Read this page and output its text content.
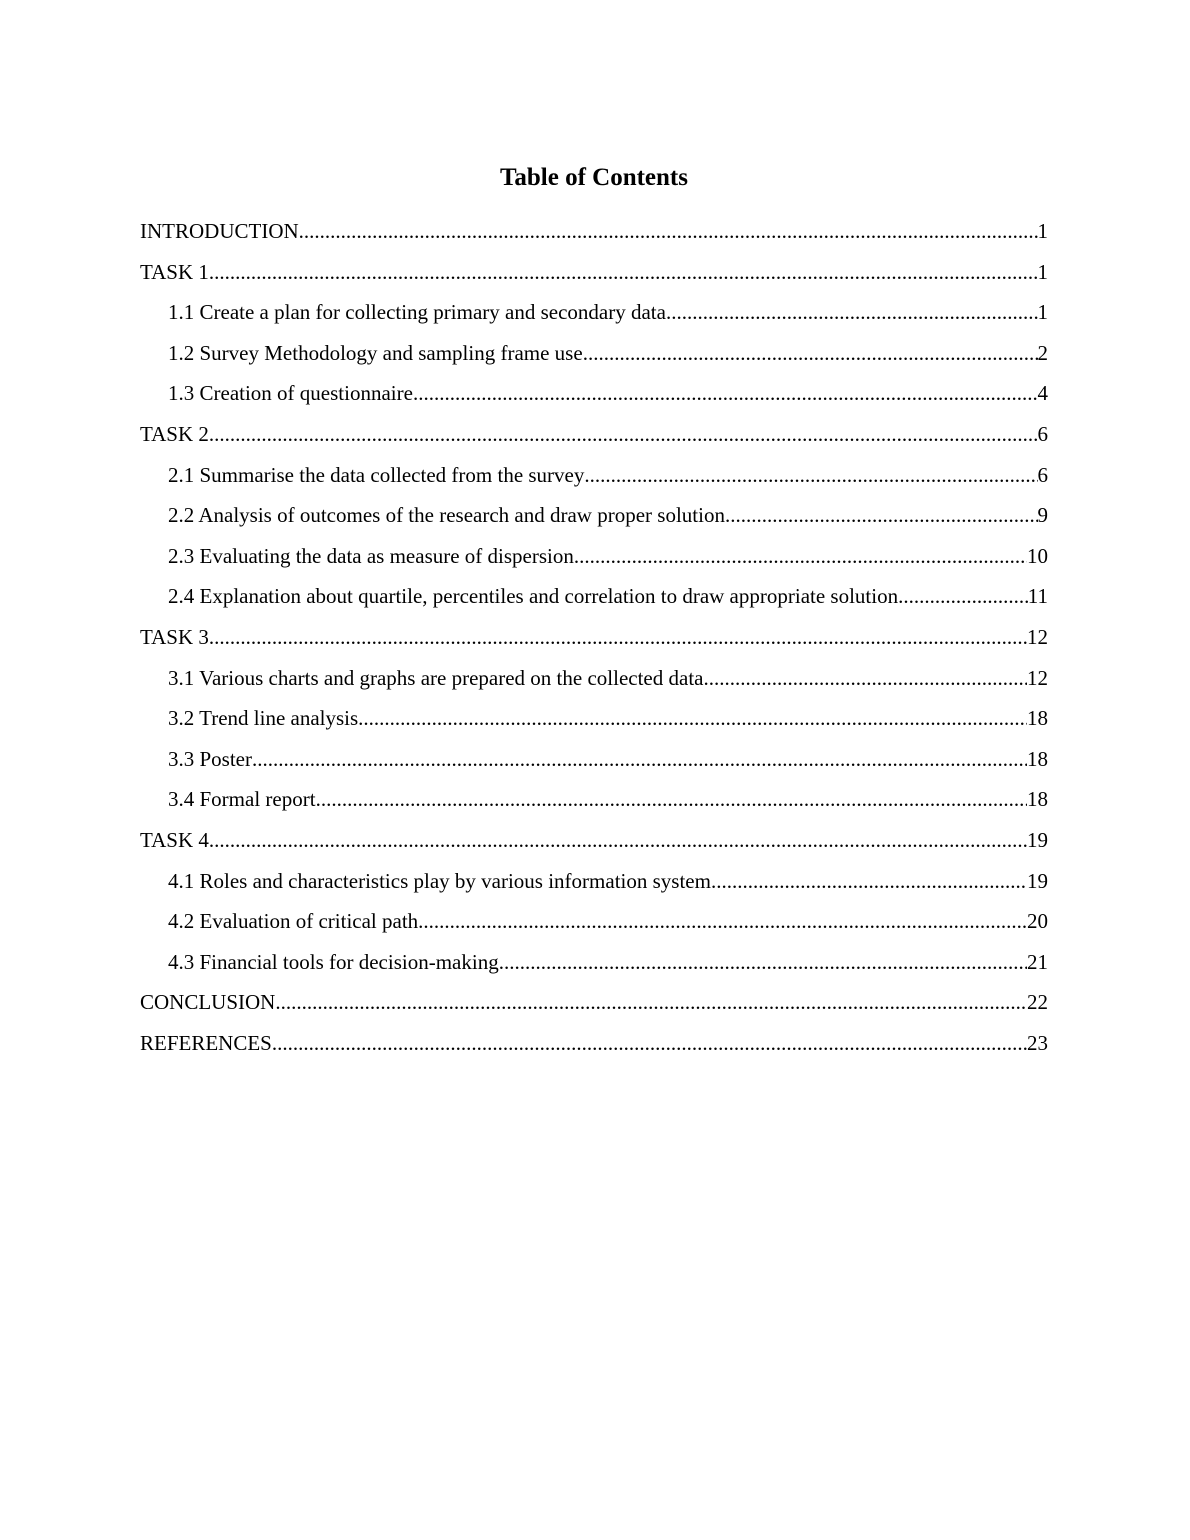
Table of Contents
INTRODUCTION .....	1
TASK 1 .....	1
1.1 Create a plan for collecting primary and secondary data .....	1
1.2 Survey Methodology and sampling frame use .....	2
1.3 Creation of questionnaire .....	4
TASK 2 .....	6
2.1 Summarise the data collected from the survey .....	6
2.2 Analysis of outcomes of the research and draw proper solution .....	9
2.3 Evaluating the data as measure of dispersion .....	10
2.4 Explanation about quartile, percentiles and correlation to draw appropriate solution .....	11
TASK 3 .....	12
3.1 Various charts and graphs are prepared on the collected data .....	12
3.2 Trend line analysis .....	18
3.3 Poster .....	18
3.4 Formal report .....	18
TASK 4 .....	19
4.1 Roles and characteristics play by various information system .....	19
4.2 Evaluation of critical path .....	20
4.3 Financial tools for decision-making .....	21
CONCLUSION .....	22
REFERENCES .....	23
